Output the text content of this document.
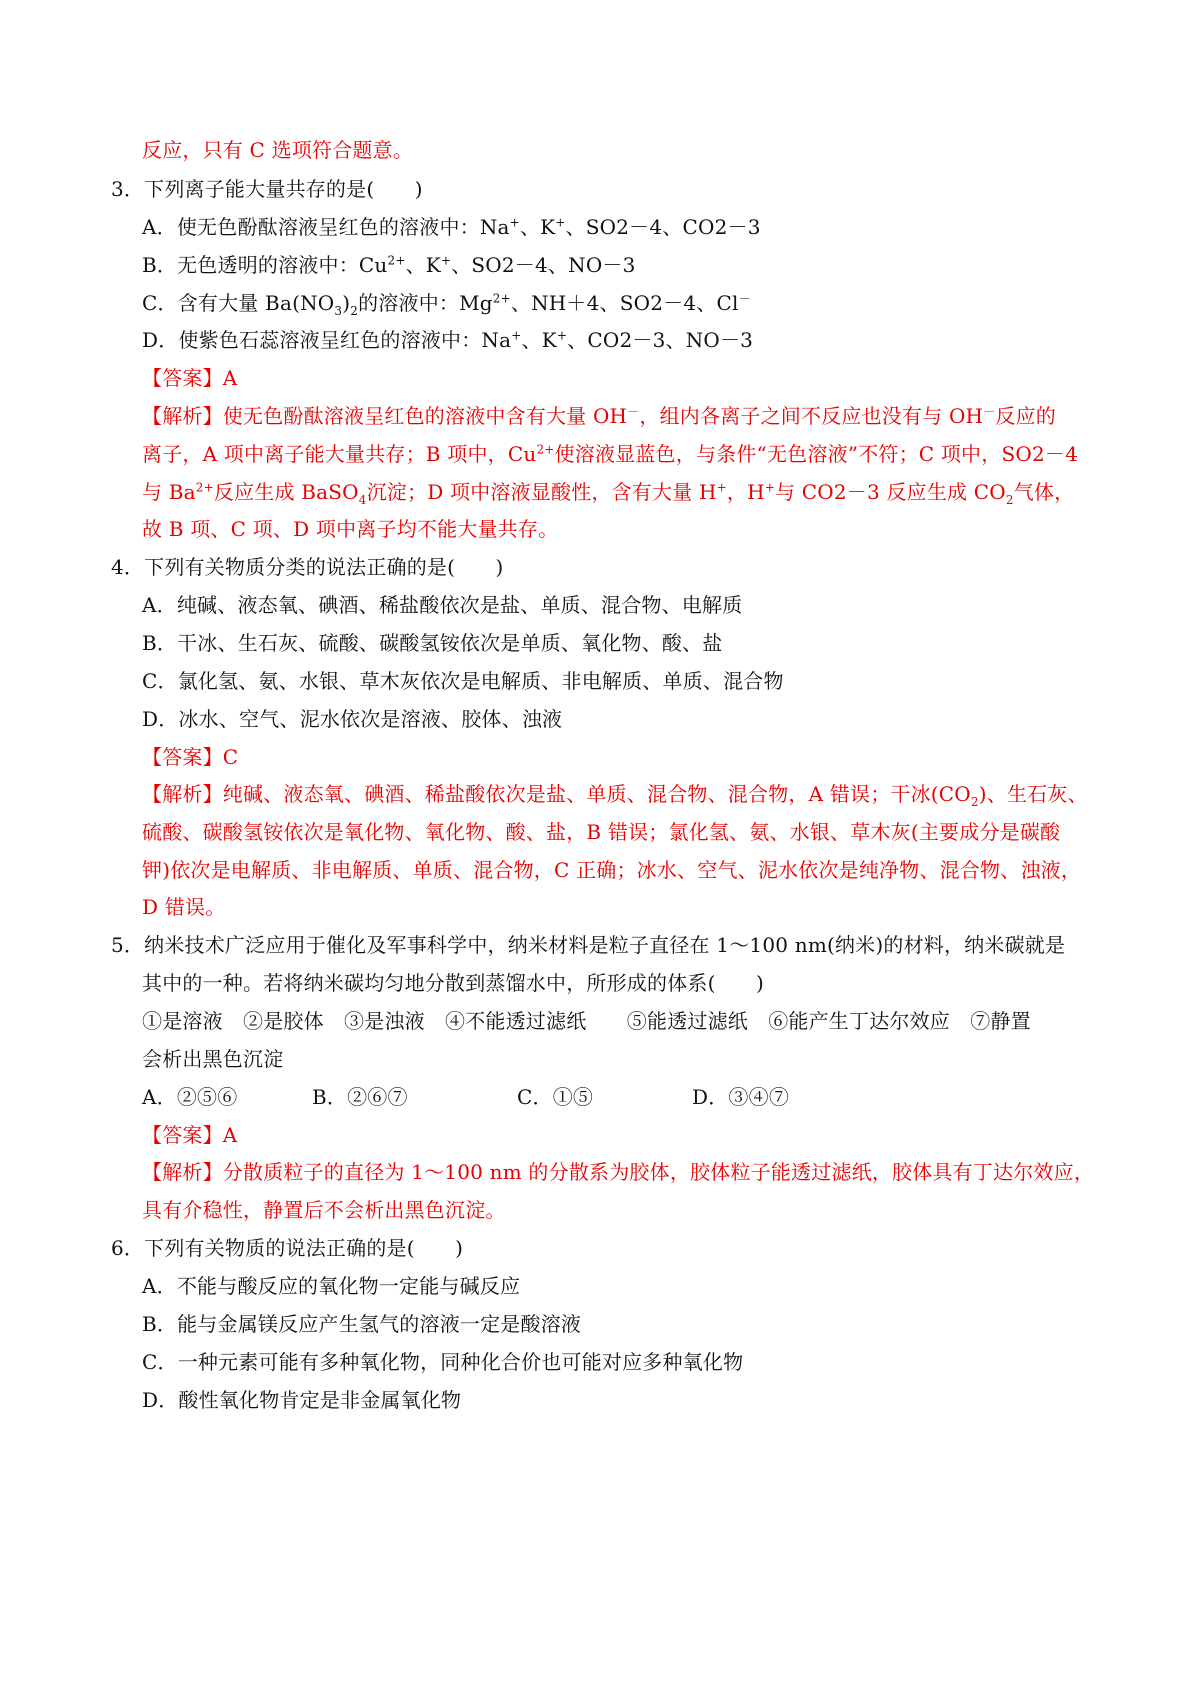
反应，只有 C 选项符合题意。
3．下列离子能大量共存的是(　　)
A．使无色酚酞溶液呈红色的溶液中：Na+、K+、SO2－4、CO2－3
B．无色透明的溶液中：$Cu^{2+}$、K+、SO2－4、NO－3
C．含有大量 $Ba(NO_3)_2$的溶液中：$Mg^{2+}$、NH＋4、SO2－4、Cl－
D．使紫色石蕊溶液呈红色的溶液中：Na+、K+、CO2－3、NO－3
【答案】A
【解析】使无色酚酞溶液呈红色的溶液中含有大量 OH－，组内各离子之间不反应也没有与 OH－反应的
离子，A 项中离子能大量共存；B 项中，$Cu^{2+}$使溶液显蓝色，与条件“无色溶液”不符；C 项中，SO2－4
与 $Ba^{2+}$反应生成 BaSO$_4$沉淀；D 项中溶液显酸性，含有大量 H+，H+与 CO2－3 反应生成 $CO_2$气体，
故 B 项、C 项、D 项中离子均不能大量共存。
4．下列有关物质分类的说法正确的是(　　)
A．纯碱、液态氧、碘酒、稀盐酸依次是盐、单质、混合物、电解质
B．干冰、生石灰、硫酸、碳酸氢铵依次是单质、氧化物、酸、盐
C．氯化氢、氨、水银、草木灰依次是电解质、非电解质、单质、混合物
D．冰水、空气、泥水依次是溶液、胶体、浊液
【答案】C
【解析】纯碱、液态氧、碘酒、稀盐酸依次是盐、单质、混合物、混合物，A 错误；干冰$(CO_2)$、生石灰、
硫酸、碳酸氢铵依次是氧化物、氧化物、酸、盐，B 错误；氯化氢、氨、水银、草木灰(主要成分是碳酸
钾)依次是电解质、非电解质、单质、混合物，C 正确；冰水、空气、泥水依次是纯净物、混合物、浊液，
D 错误。
5．纳米技术广泛应用于催化及军事科学中，纳米材料是粒子直径在 1～100 nm(纳米)的材料，纳米碳就是
其中的一种。若将纳米碳均匀地分散到蒸馏水中，所形成的体系(　　)
①是溶液　②是胶体　③是浊液　④不能透过滤纸　　⑤能透过滤纸　⑥能产生丁达尔效应　⑦静置
会析出黑色沉淀
A．②⑤⑥	B．②⑥⑦	C．①⑤	D．③④⑦
【答案】A
【解析】分散质粒子的直径为 1～100 nm 的分散系为胶体，胶体粒子能透过滤纸，胶体具有丁达尔效应，
具有介稳性，静置后不会析出黑色沉淀。
6．下列有关物质的说法正确的是(　　)
A．不能与酸反应的氧化物一定能与碱反应
B．能与金属镁反应产生氢气的溶液一定是酸溶液
C．一种元素可能有多种氧化物，同种化合价也可能对应多种氧化物
D．酸性氧化物肯定是非金属氧化物
